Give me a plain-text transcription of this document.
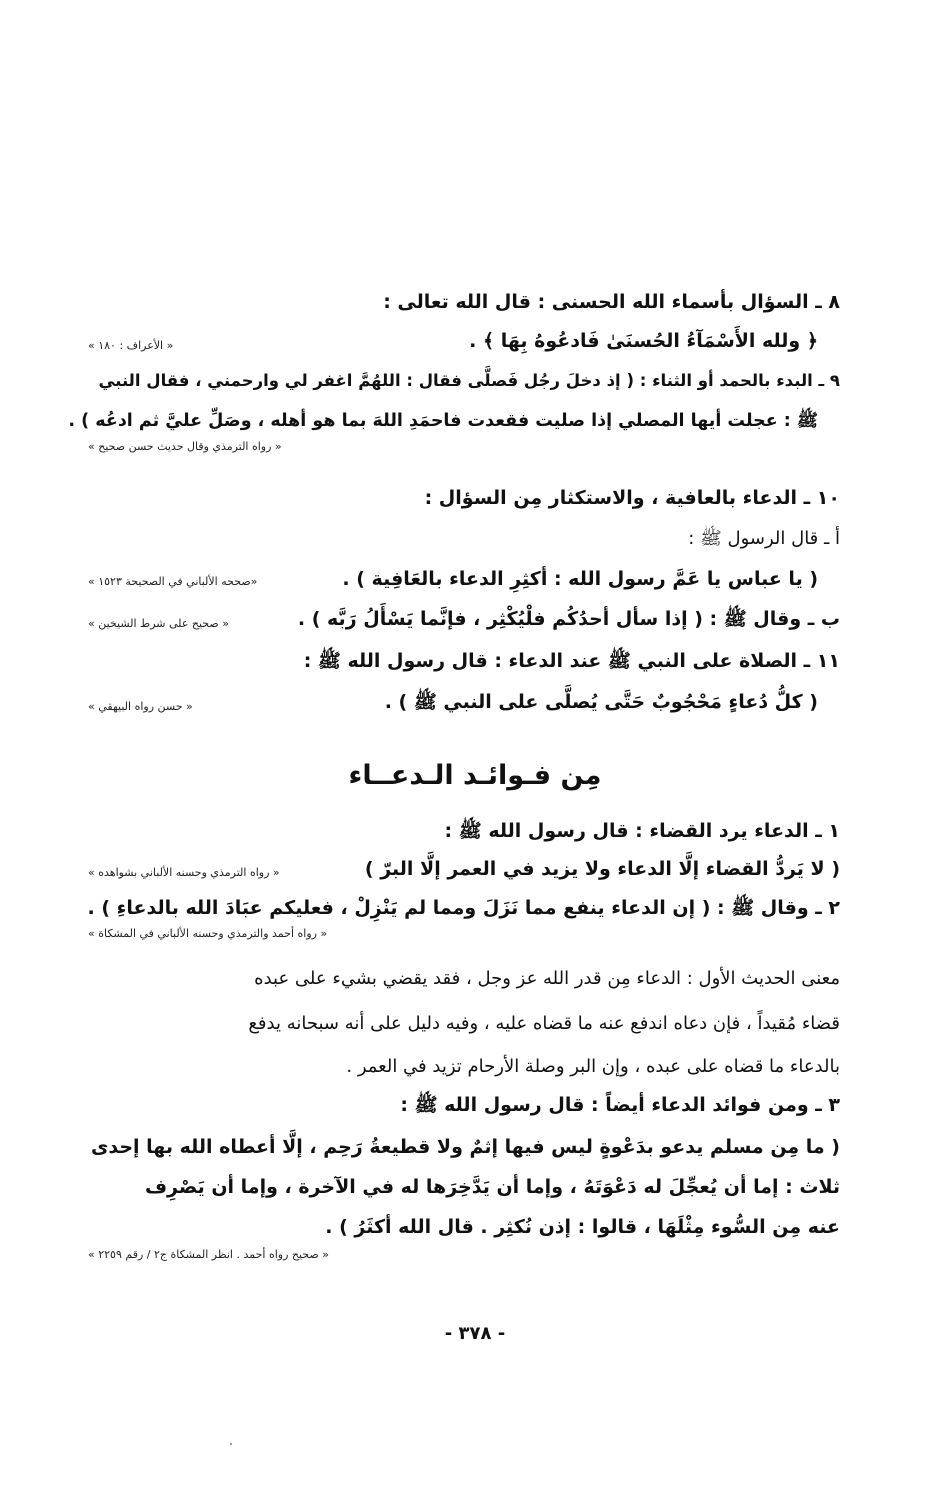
٨ ـ السؤال بأسماء الله الحسنى : قال الله تعالى :
﴿ ولله الأَسْمَآءُ الحُسنَىٰ فَادعُوهُ بِهَا ﴾ .
« الأعراف : ١٨٠ »
٩ ـ البدء بالحمد أو الثناء : ( إذ دخلَ رجُل فَصلَّى فقال : اللهُمَّ اغفر لي وارحمني ، فقال النبي
ﷺ : عجلت أيها المصلي إذا صليت فقعدت فاحمَدِ اللهَ بما هو أهله ، وصَلِّ عليَّ ثم ادعُه ) .
« رواه الترمذي وقال حديث حسن صحيح »
١٠ ـ الدعاء بالعافية ، والاستكثار مِن السؤال :
أ ـ قال الرسول ﷺ :
( يا عباس يا عَمَّ رسول الله : أكثِرِ الدعاء بالعَافِية ) .
«صححه الألباني في الصحيحة ١٥٢٣ »
ب ـ وقال ﷺ : ( إذا سأل أحدُكُم فلْيُكْثِر ، فإنَّما يَسْأَلُ رَبَّه ) .
« صحيح على شرط الشيخين »
١١ ـ الصلاة على النبي ﷺ عند الدعاء : قال رسول الله ﷺ :
( كلُّ دُعاءٍ مَحْجُوبٌ حَتَّى يُصلَّى على النبي ﷺ ) .
« حسن رواه البيهقي »
مِن فـوائـد الـدعــاء
١ ـ الدعاء يرد القضاء : قال رسول الله ﷺ :
( لا يَردُّ القضاء إلَّا الدعاء ولا يزيد في العمر إلَّا البرّ )
« رواه الترمذي وحسنه الألباني بشواهده »
٢ ـ وقال ﷺ : ( إن الدعاء ينفع مما نَزَلَ ومما لم يَنْزِلْ ، فعليكم عبَادَ الله بالدعاءِ ) .
« رواه أحمد والترمذي وحسنه الألباني في المشكاة »
معنى الحديث الأول : الدعاء مِن قدر الله عز وجل ، فقد يقضي بشيء على عبده
قضاء مُقيداً ، فإن دعاه اندفع عنه ما قضاه عليه ، وفيه دليل على أنه سبحانه يدفع
بالدعاء ما قضاه على عبده ، وإن البر وصلة الأرحام تزيد في العمر .
٣ ـ ومن فوائد الدعاء أيضاً : قال رسول الله ﷺ :
( ما مِن مسلم يدعو بدَعْوةٍ ليس فيها إثمٌ ولا قطيعةُ رَحِم ، إلَّا أعطاه الله بها إحدى
ثلاث : إما أن يُعجِّلَ له دَعْوَتَهُ ، وإما أن يَدَّخِرَها له في الآخرة ، وإما أن يَصْرِف
عنه مِن السُّوء مِثْلَهَا ، قالوا : إذن نُكثِر . قال الله أكثَرُ ) .
« صحيح رواه أحمد . انظر المشكاة ج٢ / رقم ٢٢٥٩ »
- ٣٧٨ -
